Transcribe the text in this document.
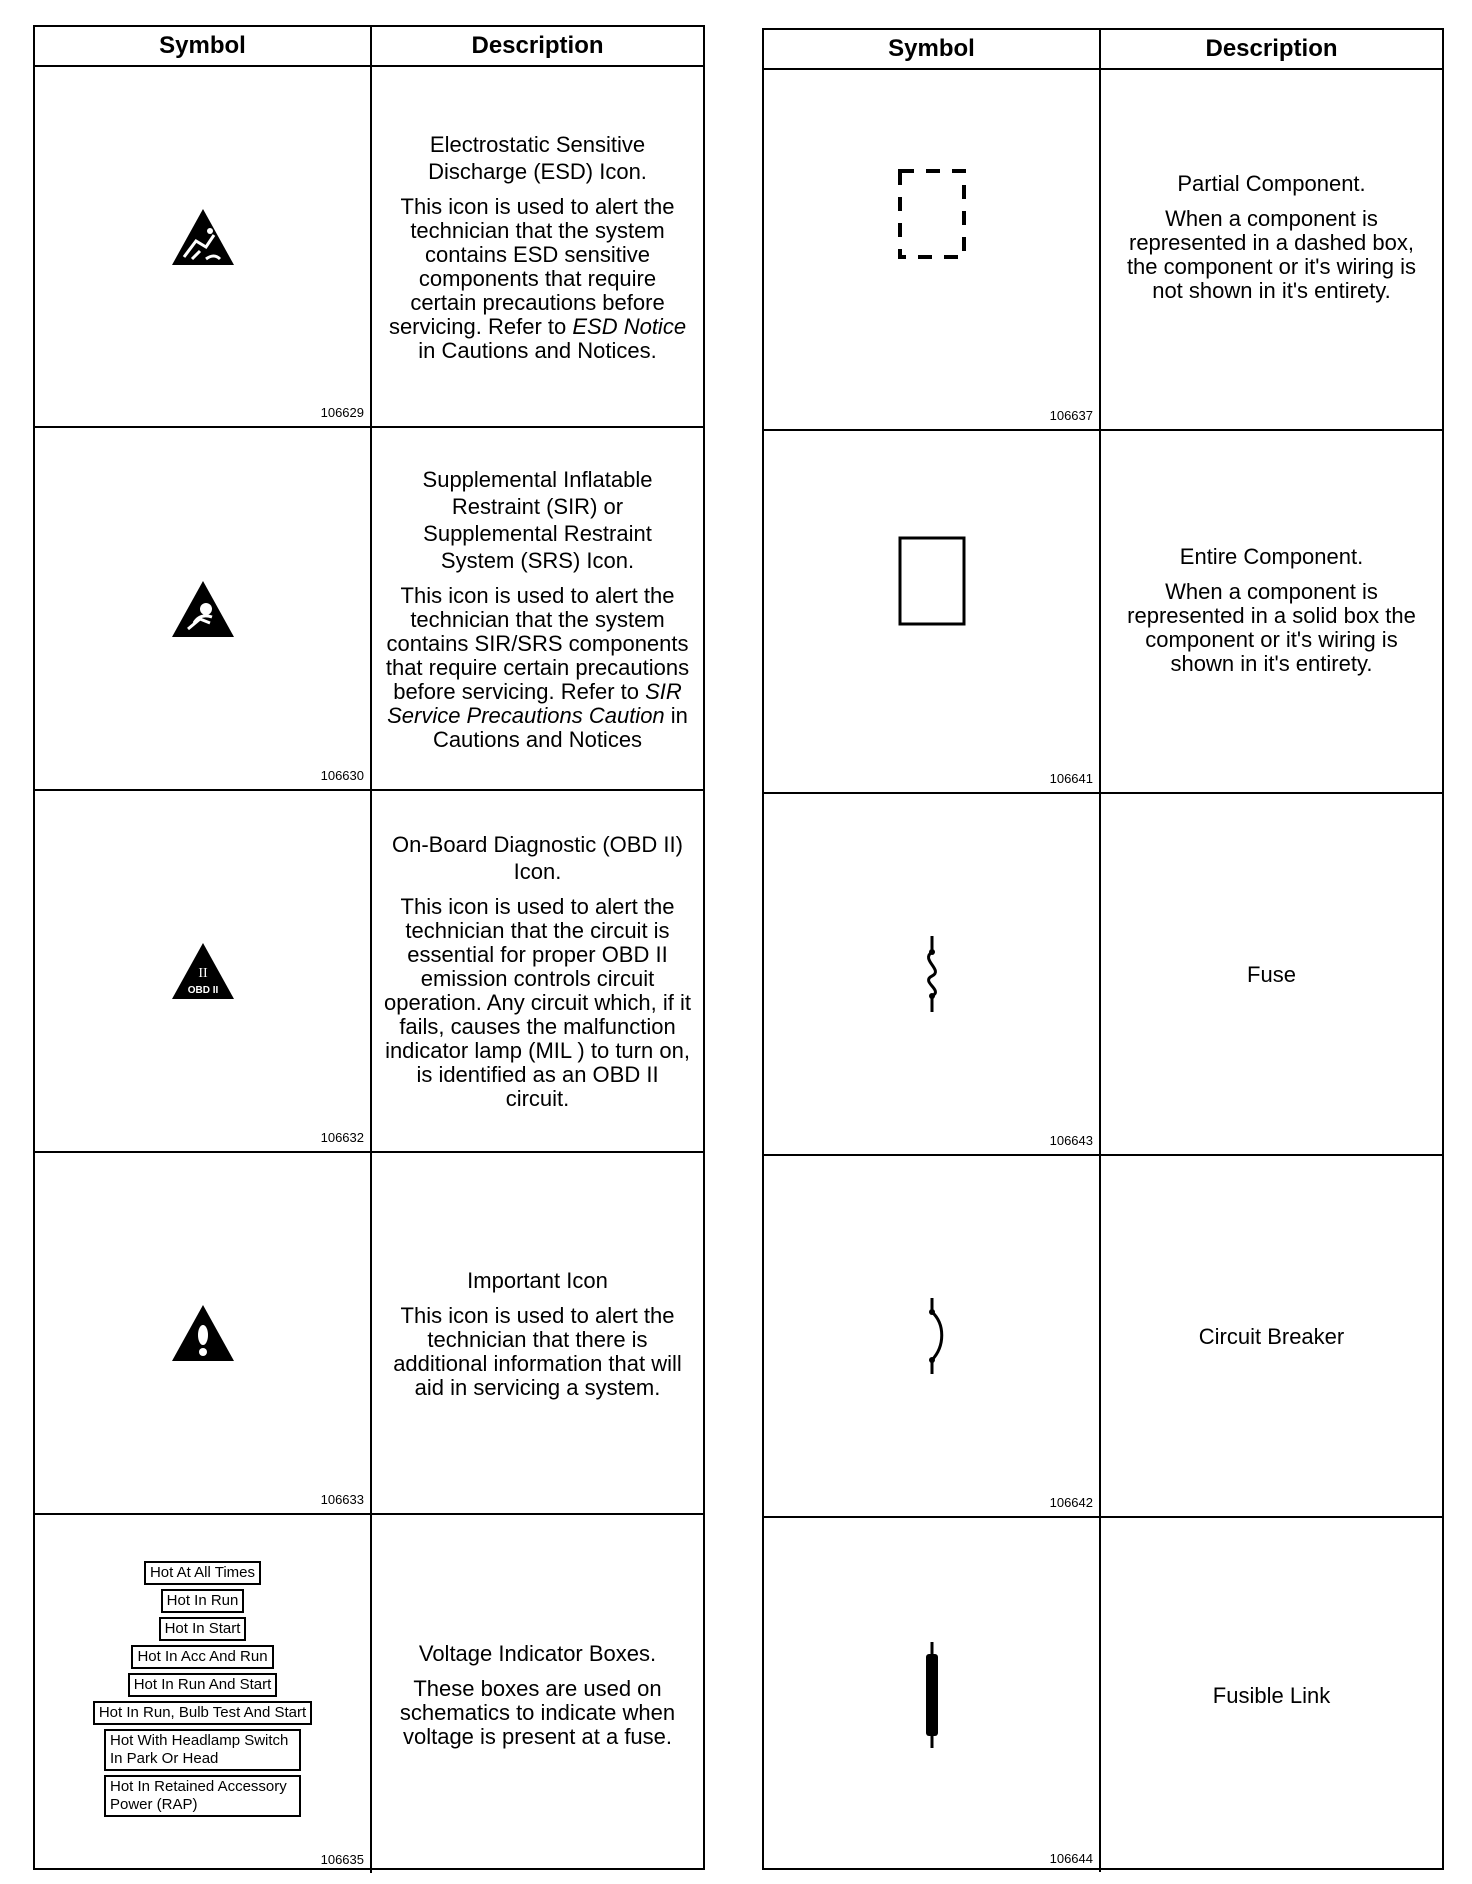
Symbol	Description
106629
Electrostatic Sensitive Discharge (ESD) Icon.
This icon is used to alert the technician that the system contains ESD sensitive components that require certain precautions before servicing. Refer to ESD Notice in Cautions and Notices.
106630
Supplemental Inflatable Restraint (SIR) or Supplemental Restraint System (SRS) Icon.
This icon is used to alert the technician that the system contains SIR/SRS components that require certain precautions before servicing. Refer to SIR Service Precautions Caution in Cautions and Notices
II
OBD II
106632
On-Board Diagnostic (OBD II) Icon.
This icon is used to alert the technician that the circuit is essential for proper OBD II emission controls circuit operation. Any circuit which, if it fails, causes the malfunction indicator lamp (MIL ) to turn on, is identified as an OBD II circuit.
106633
Important Icon
This icon is used to alert the technician that there is additional information that will aid in servicing a system.
Hot At All Times
Hot In Run
Hot In Start
Hot In Acc And Run
Hot In Run And Start
Hot In Run, Bulb Test And Start
Hot With Headlamp Switch In Park Or Head
Hot In Retained Accessory Power (RAP)
106635
Voltage Indicator Boxes.
These boxes are used on schematics to indicate when voltage is present at a fuse.
Symbol	Description
106637
Partial Component.
When a component is represented in a dashed box, the component or it's wiring is not shown in it's entirety.
106641
Entire Component.
When a component is represented in a solid box the component or it's wiring is shown in it's entirety.
106643
Fuse
106642
Circuit Breaker
106644
Fusible Link
